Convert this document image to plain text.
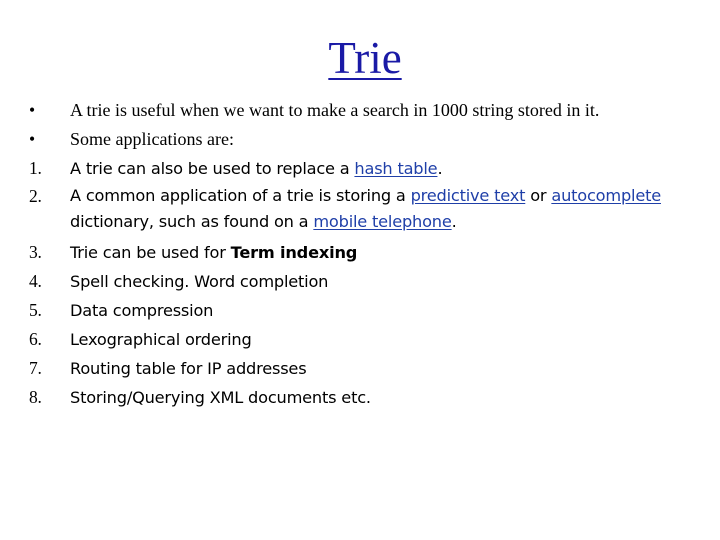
Trie
• A trie is useful when we want to make a search in 1000 string stored in it.
• Some applications are:
1. A trie can also be used to replace a hash table.
2. A common application of a trie is storing a predictive text or autocomplete dictionary, such as found on a mobile telephone.
3. Trie can be used for Term indexing
4. Spell checking. Word completion
5. Data compression
6. Lexographical ordering
7. Routing table for IP addresses
8. Storing/Querying XML documents etc.
